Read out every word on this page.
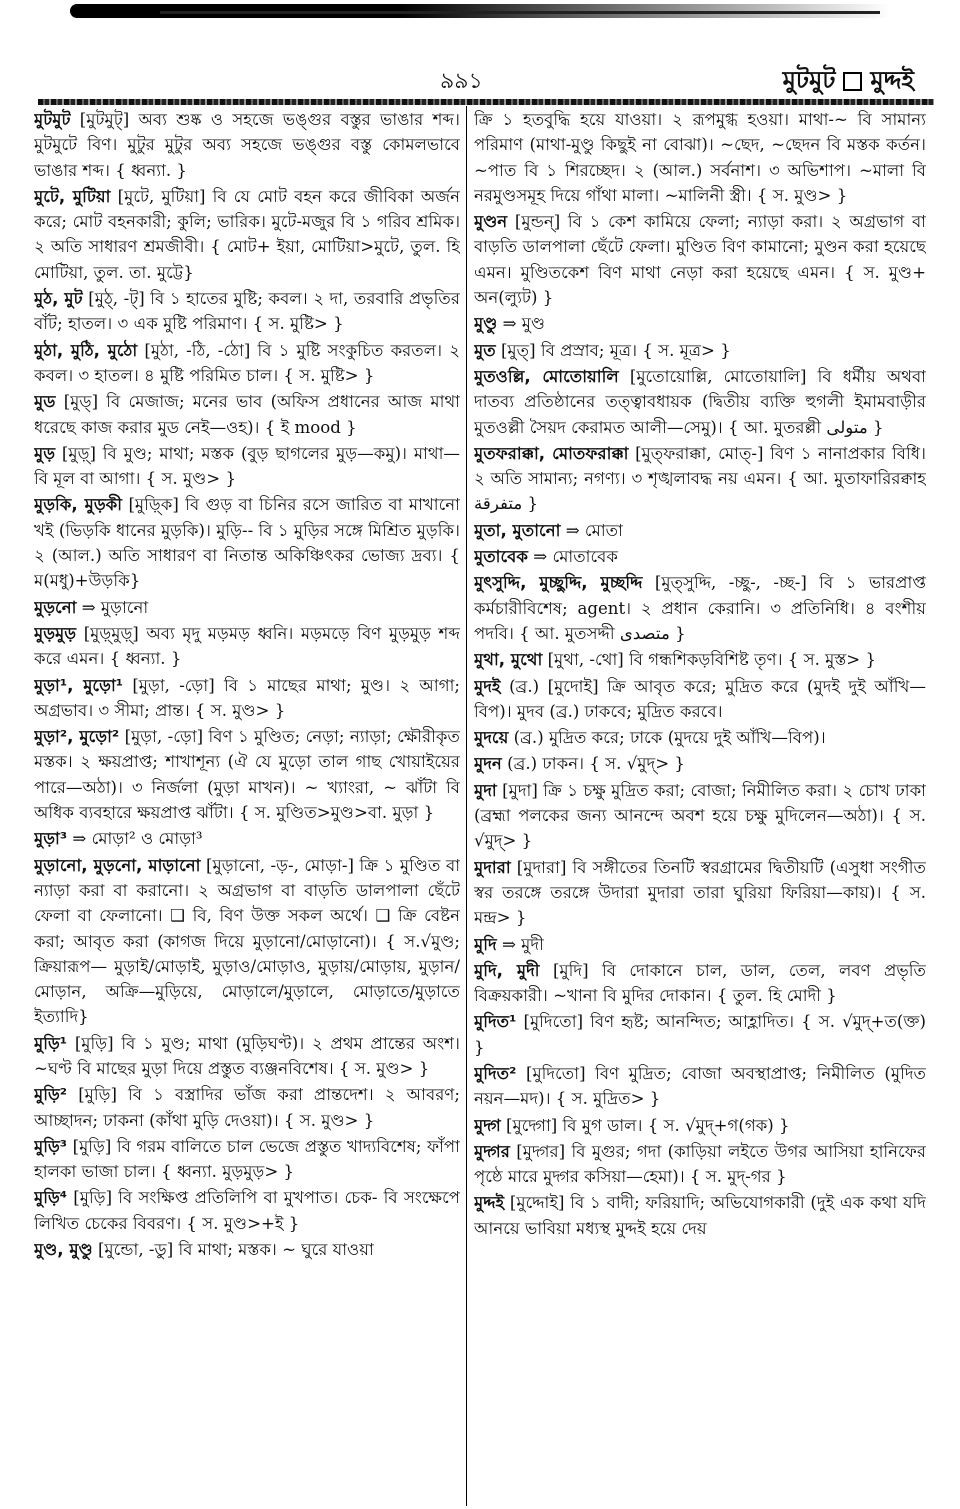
৯৯১	মুটমুট মুদ্দই
মুটমুট [মুটমুট্] অব্য শুষ্ক ও সহজে ভঙ্গুর বস্তুর ভাঙার শব্দ। মুটমুটে বিণ। মুটুর মুটুর অব্য সহজে ভঙ্গুর বস্তু কোমলভাবে ভাঙার শব্দ। { ধ্বন্যা. }
মুটে, মুটিয়া [মুটে, মুটিয়া] বি যে মোট বহন করে জীবিকা অর্জন করে; মোট বহনকারী; কুলি; ভারিক। মুটে-মজুর বি ১ গরিব শ্রমিক। ২ অতি সাধারণ শ্রমজীবী। { মোট+ ইয়া, মোটিয়া>মুটে, তুল. হি মোটিয়া, তুল. তা. মুট্টে}
মুঠ, মুট [মুঠ্, -ট্] বি ১ হাতের মুষ্টি; কবল। ২ দা, তরবারি প্রভৃতির বাঁট; হাতল। ৩ এক মুষ্টি পরিমাণ। { স. মুষ্টি> }
মুঠা, মুঠি, মুঠো [মুঠা, -ঠি, -ঠো] বি ১ মুষ্টি সংকুচিত করতল। ২ কবল। ৩ হাতল। ৪ মুষ্টি পরিমিত চাল। { স. মুষ্টি> }
মুড [মুড্] বি মেজাজ; মনের ভাব (অফিস প্রধানের আজ মাথা ধরেছে কাজ করার মুড নেই—ওহ)। { ই mood }
মুড় [মুড়্] বি মুণ্ড; মাথা; মস্তক (বুড় ছাগলের মুড়—কমু)। মাথা— বি মূল বা আগা। { স. মুণ্ড> }
মুড়কি, মুড়কী [মুড়্কি] বি গুড় বা চিনির রসে জারিত বা মাখানো খই (ভিড়কি ধানের মুড়কি)। মুড়ি-- বি ১ মুড়ির সঙ্গে মিশ্রিত মুড়কি। ২ (আল.) অতি সাধারণ বা নিতান্ত অকিঞ্চিৎকর ভোজ্য দ্রব্য। { ম(মধু)+উড়কি}
মুড়নো ⇒ মুড়ানো
মুড়মুড় [মুড়্মুড়্] অব্য মৃদু মড়মড় ধ্বনি। মড়মড়ে বিণ মুড়মুড় শব্দ করে এমন। { ধ্বন্যা. }
মুড়া¹, মুড়ো¹ [মুড়া, -ড়ো] বি ১ মাছের মাথা; মুণ্ড। ২ আগা; অগ্রভাব। ৩ সীমা; প্রান্ত। { স. মুণ্ড> }
মুড়া², মুড়ো² [মুড়া, -ড়ো] বিণ ১ মুণ্ডিত; নেড়া; ন্যাড়া; ক্ষৌরীকৃত মস্তক। ২ ক্ষয়প্রাপ্ত; শাখাশূন্য (ঐ যে মুড়ো তাল গাছ খোয়াইয়ের পারে—অঠা)। ৩ নির্জলা (মুড়া মাখন)। ~ খ্যাংরা, ~ ঝাঁটা বি অধিক ব্যবহারে ক্ষয়প্রাপ্ত ঝাঁটা। { স. মুণ্ডিত>মুণ্ড>বা. মুড়া }
মুড়া³ ⇒ মোড়া² ও মোড়া³
মুড়ানো, মুড়নো, মাড়ানো [মুড়ানো, -ড়-, মোড়া-] ক্রি ১ মুণ্ডিত বা ন্যাড়া করা বা করানো। ২ অগ্রভাগ বা বাড়তি ডালপালা ছেঁটে ফেলা বা ফেলানো। ❑ বি, বিণ উক্ত সকল অর্থে। ❑ ক্রি বেষ্টন করা; আবৃত করা (কাগজ দিয়ে মুড়ানো/মোড়ানো)। { স.√মুণ্ড; ক্রিয়ারূপ— মুড়াই/মোড়াই, মুড়াও/মোড়াও, মুড়ায়/মোড়ায়, মুড়ান/মোড়ান, অক্রি—মুড়িয়ে, মোড়ালে/মুড়ালে, মোড়াতে/মুড়াতে ইত্যাদি}
মুড়ি¹ [মুড়ি] বি ১ মুণ্ড; মাথা (মুড়িঘণ্ট)। ২ প্রথম প্রান্তের অংশ। ~ঘণ্ট বি মাছের মুড়া দিয়ে প্রস্তুত ব্যঞ্জনবিশেষ। { স. মুণ্ড> }
মুড়ি² [মুড়ি] বি ১ বস্ত্রাদির ভাঁজ করা প্রান্তদেশ। ২ আবরণ; আচ্ছাদন; ঢাকনা (কাঁথা মুড়ি দেওয়া)। { স. মুণ্ড> }
মুড়ি³ [মুড়ি] বি গরম বালিতে চাল ভেজে প্রস্তুত খাদ্যবিশেষ; ফাঁপা হালকা ভাজা চাল। { ধ্বন্যা. মুড়মুড়> }
মুড়ি⁴ [মুড়ি] বি সংক্ষিপ্ত প্রতিলিপি বা মুখপাত। চেক- বি সংক্ষেপে লিখিত চেকের বিবরণ। { স. মুণ্ড>+ই }
মুণ্ড, মুণ্ডু [মুন্ডো, -ডু] বি মাথা; মস্তক। ~ ঘুরে যাওয়া
ক্রি ১ হতবুদ্ধি হয়ে যাওয়া। ২ রূপমুগ্ধ হওয়া। মাথা-~ বি সামান্য পরিমাণ (মাথা-মুণ্ডু কিছুই না বোঝা)। ~ছেদ, ~ছেদন বি মস্তক কর্তন। ~পাত বি ১ শিরচ্ছেদ। ২ (আল.) সর্বনাশ। ৩ অভিশাপ। ~মালা বি নরমুণ্ডসমূহ দিয়ে গাঁথা মালা। ~মালিনী স্ত্রী। { স. মুণ্ড> }
মুণ্ডন [মুন্ডন্] বি ১ কেশ কামিয়ে ফেলা; ন্যাড়া করা। ২ অগ্রভাগ বা বাড়তি ডালপালা ছেঁটে ফেলা। মুণ্ডিত বিণ কামানো; মুণ্ডন করা হয়েছে এমন। মুণ্ডিতকেশ বিণ মাথা নেড়া করা হয়েছে এমন। { স. মুণ্ড+ অন(ল্যুট) }
মুণ্ডু ⇒ মুণ্ড
মুত [মুত্] বি প্রস্রাব; মূত্র। { স. মূত্র> }
মুতওল্লি, মোতোয়ালি [মুতোয়োল্লি, মোতোয়ালি] বি ধর্মীয় অথবা দাতব্য প্রতিষ্ঠানের তত্ত্বাবধায়ক (দ্বিতীয় ব্যক্তি হুগলী ইমামবাড়ীর মুতওল্লী সৈয়দ কেরামত আলী—সেমু)। { আ. মুতরল্লী متولی }
মুতফরাক্কা, মোতফরাক্কা [মুত্ফরাক্কা, মোত্-] বিণ ১ নানাপ্রকার বিধি। ২ অতি সামান্য; নগণ্য। ৩ শৃঙ্খলাবদ্ধ নয় এমন। { আ. মুতাফারিরক্বাহ متفرقة }
মুতা, মুতানো ⇒ মোতা
মুতাবেক ⇒ মোতাবেক
মুৎসুদ্দি, মুচ্ছুদ্দি, মুচ্ছদ্দি [মুত্সুদ্দি, -চ্ছু-, -চ্ছ-] বি ১ ভারপ্রাপ্ত কর্মচারীবিশেষ; agent। ২ প্রধান কেরানি। ৩ প্রতিনিধি। ৪ বংশীয় পদবি। { আ. মুতসদ্দী متصدی }
মুথা, মুথো [মুথা, -থো] বি গন্ধশিকড়বিশিষ্ট তৃণ। { স. মুস্ত> }
মুদই (ব্র.) [মুদোই] ক্রি আবৃত করে; মুদ্রিত করে (মুদই দুই আঁখি—বিপ)। মুদব (ব্র.) ঢাকবে; মুদ্রিত করবে।
মুদয়ে (ব্র.) মুদ্রিত করে; ঢাকে (মুদয়ে দুই আঁখি—বিপ)।
মুদন (ব্র.) ঢাকন। { স. √মুদ্> }
মুদা [মুদা] ক্রি ১ চক্ষু মুদ্রিত করা; বোজা; নিমীলিত করা। ২ চোখ ঢাকা (ব্রহ্মা পলকের জন্য আনন্দে অবশ হয়ে চক্ষু মুদিলেন—অঠা)। { স. √মুদ্> }
মুদারা [মুদারা] বি সঙ্গীতের তিনটি স্বরগ্রামের দ্বিতীয়টি (এসুধা সংগীত স্বর তরঙ্গে তরঙ্গে উদারা মুদারা তারা ঘুরিয়া ফিরিয়া—কায়)। { স. মন্দ্র> }
মুদি ⇒ মুদী
মুদি, মুদী [মুদি] বি দোকানে চাল, ডাল, তেল, লবণ প্রভৃতি বিক্রয়কারী। ~খানা বি মুদির দোকান। { তুল. হি মোদী }
মুদিত¹ [মুদিতো] বিণ হৃষ্ট; আনন্দিত; আহ্লাদিত। { স. √মুদ্+ত(ক্ত) }
মুদিত² [মুদিতো] বিণ মুদ্রিত; বোজা অবস্থাপ্রাপ্ত; নিমীলিত (মুদিত নয়ন—মদ)। { স. মুদ্রিত> }
মুদ্গ [মুদ্গো] বি মুগ ডাল। { স. √মুদ্+গ(গক) }
মুদ্গর [মুদ্গর] বি মুগুর; গদা (কাড়িয়া লইতে উগর আসিয়া হানিফের পৃষ্ঠে মারে মুদ্গর কসিয়া—হেমা)। { স. মুদ্-গর }
মুদ্দই [মুদ্দোই] বি ১ বাদী; ফরিয়াদি; অভিযোগকারী (দুই এক কথা যদি আনয়ে ভাবিয়া মধ্যস্থ মুদ্দই হয়ে দেয়
